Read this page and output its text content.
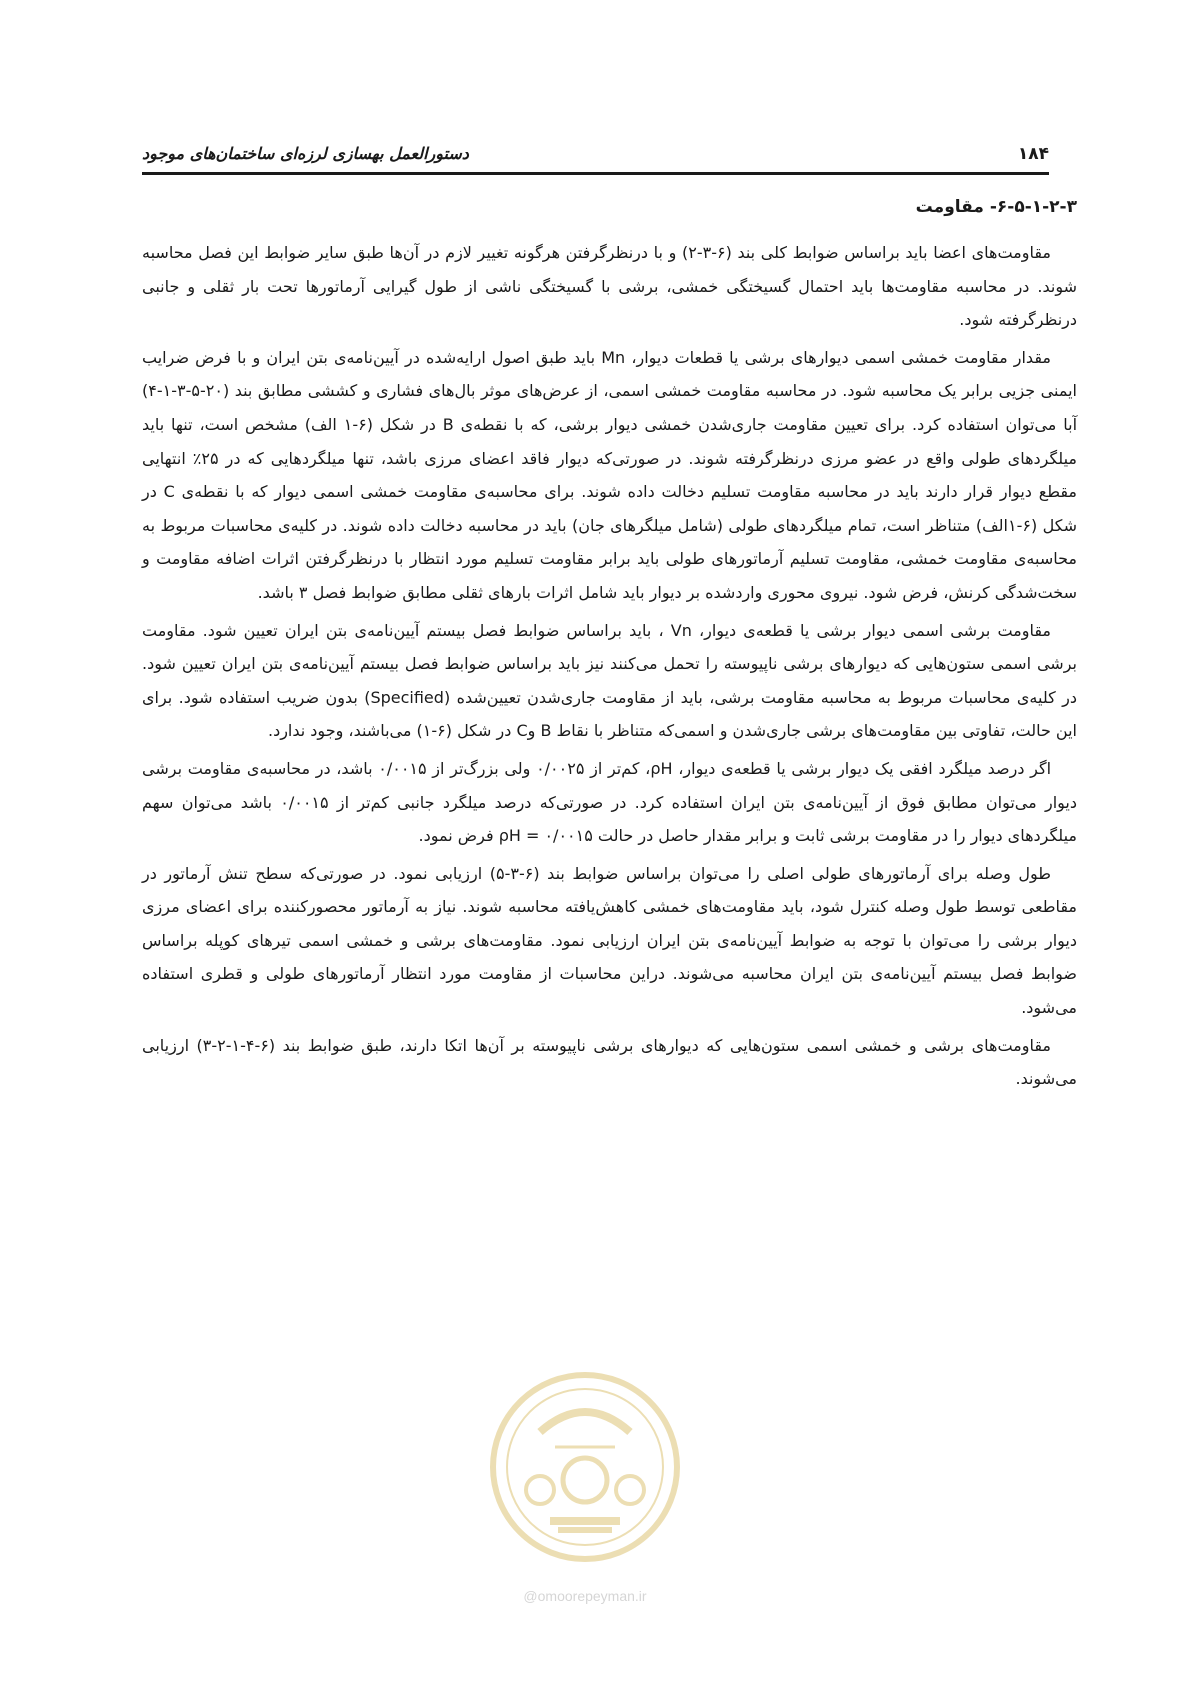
۱۸۴
دستورالعمل بهسازی لرزه‌ای ساختمان‌های موجود
۶-۵-۱-۲-۳- مقاومت

مقاومت‌های اعضا باید براساس ضوابط کلی بند (۶-۳-۲) و با درنظرگرفتن هرگونه تغییر لازم در آن‌ها طبق سایر ضوابط این فصل محاسبه شوند. در محاسبه مقاومت‌ها باید احتمال گسیختگی خمشی، برشی با گسیختگی ناشی از طول گیرایی آرماتورها تحت بار ثقلی و جانبی درنظرگرفته شود.

مقدار مقاومت خمشی اسمی دیوارهای برشی یا قطعات دیوار، Mn باید طبق اصول ارایه‌شده در آیین‌نامه‌ی بتن ایران و با فرض ضرایب ایمنی جزیی برابر یک محاسبه شود. در محاسبه مقاومت خمشی اسمی، از عرض‌های موثر بال‌های فشاری و کششی مطابق بند (۲۰-۵-۳-۱-۴) آبا می‌توان استفاده کرد. برای تعیین مقاومت جاری‌شدن خمشی دیوار برشی، که با نقطه‌ی B در شکل (۶-۱ الف) مشخص است، تنها باید میلگردهای طولی واقع در عضو مرزی درنظرگرفته شوند. در صورتی‌که دیوار فاقد اعضای مرزی باشد، تنها میلگردهایی که در ۲۵٪ انتهایی مقطع دیوار قرار دارند باید در محاسبه مقاومت تسلیم دخالت داده شوند. برای محاسبه‌ی مقاومت خمشی اسمی دیوار که با نقطه‌ی C در شکل (۶-۱الف) متناظر است، تمام میلگردهای طولی (شامل میلگرهای جان) باید در محاسبه دخالت داده شوند. در کلیه‌ی محاسبات مربوط به محاسبه‌ی مقاومت خمشی، مقاومت تسلیم آرماتورهای طولی باید برابر مقاومت تسلیم مورد انتظار با درنظرگرفتن اثرات اضافه مقاومت و سخت‌شدگی کرنش، فرض شود. نیروی محوری واردشده بر دیوار باید شامل اثرات بارهای ثقلی مطابق ضوابط فصل ۳ باشد.

مقاومت برشی اسمی دیوار برشی یا قطعه‌ی دیوار، Vn ، باید براساس ضوابط فصل بیستم آیین‌نامه‌ی بتن ایران تعیین شود. مقاومت برشی اسمی ستون‌هایی که دیوارهای برشی ناپیوسته را تحمل می‌کنند نیز باید براساس ضوابط فصل بیستم آیین‌نامه‌ی بتن ایران تعیین شود. در کلیه‌ی محاسبات مربوط به محاسبه مقاومت برشی، باید از مقاومت جاری‌شدن تعیین‌شده (Specified) بدون ضریب استفاده شود. برای این حالت، تفاوتی بین مقاومت‌های برشی جاری‌شدن و اسمی‌که متناظر با نقاط B وC در شکل (۶-۱) می‌باشند، وجود ندارد.

اگر درصد میلگرد افقی یک دیوار برشی یا قطعه‌ی دیوار، ρH، کم‌تر از ۰/۰۰۲۵ ولی بزرگ‌تر از ۰/۰۰۱۵ باشد، در محاسبه‌ی مقاومت برشی دیوار می‌توان مطابق فوق از آیین‌نامه‌ی بتن ایران استفاده کرد. در صورتی‌که درصد میلگرد جانبی کم‌تر از ۰/۰۰۱۵ باشد می‌توان سهم میلگردهای دیوار را در مقاومت برشی ثابت و برابر مقدار حاصل در حالت ρH = ۰/۰۰۱۵ فرض نمود.

طول وصله برای آرماتورهای طولی اصلی را می‌توان براساس ضوابط بند (۶-۳-۵) ارزیابی نمود. در صورتی‌که سطح تنش آرماتور در مقاطعی توسط طول وصله کنترل شود، باید مقاومت‌های خمشی کاهش‌یافته محاسبه شوند. نیاز به آرماتور محصورکننده برای اعضای مرزی دیوار برشی را می‌توان با توجه به ضوابط آیین‌نامه‌ی بتن ایران ارزیابی نمود. مقاومت‌های برشی و خمشی اسمی تیرهای کوپله براساس ضوابط فصل بیستم آیین‌نامه‌ی بتن ایران محاسبه می‌شوند. دراین محاسبات از مقاومت مورد انتظار آرماتورهای طولی و قطری استفاده می‌شود.

مقاومت‌های برشی و خمشی اسمی ستون‌هایی که دیوارهای برشی ناپیوسته بر آن‌ها اتکا دارند، طبق ضوابط بند (۶-۴-۱-۲-۳) ارزیابی می‌شوند.

@omoorepeyman.ir
